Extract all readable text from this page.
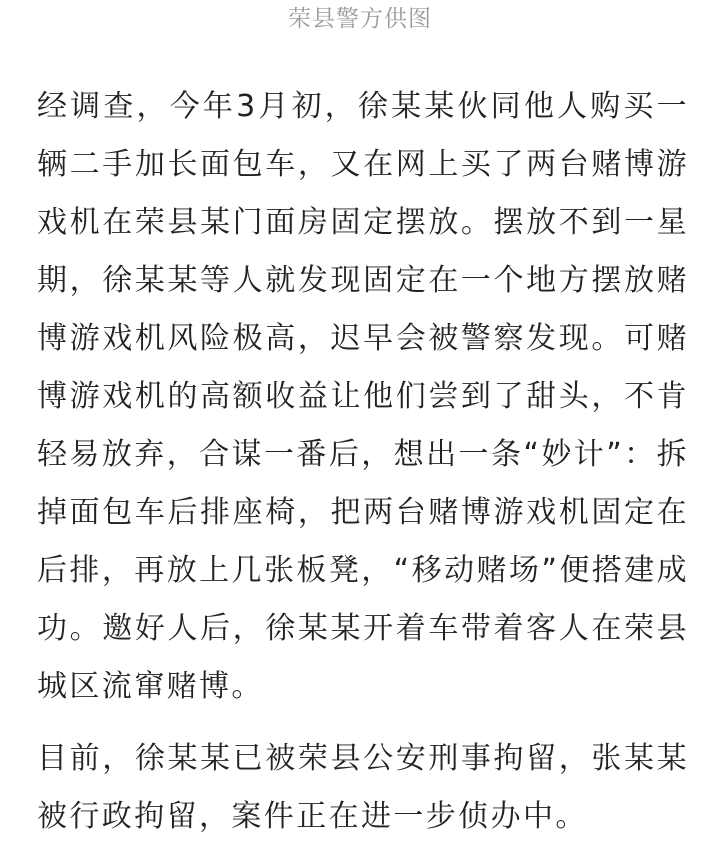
荣县警方供图

经调查，今年3月初，徐某某伙同他人购买一辆二手加长面包车，又在网上买了两台赌博游戏机在荣县某门面房固定摆放。摆放不到一星期，徐某某等人就发现固定在一个地方摆放赌博游戏机风险极高，迟早会被警察发现。可赌博游戏机的高额收益让他们尝到了甜头，不肯轻易放弃，合谋一番后，想出一条“妙计”：拆掉面包车后排座椅，把两台赌博游戏机固定在后排，再放上几张板凳，“移动赌场”便搭建成功。邀好人后，徐某某开着车带着客人在荣县城区流窜赌博。

目前，徐某某已被荣县公安刑事拘留，张某某被行政拘留，案件正在进一步侦办中。
